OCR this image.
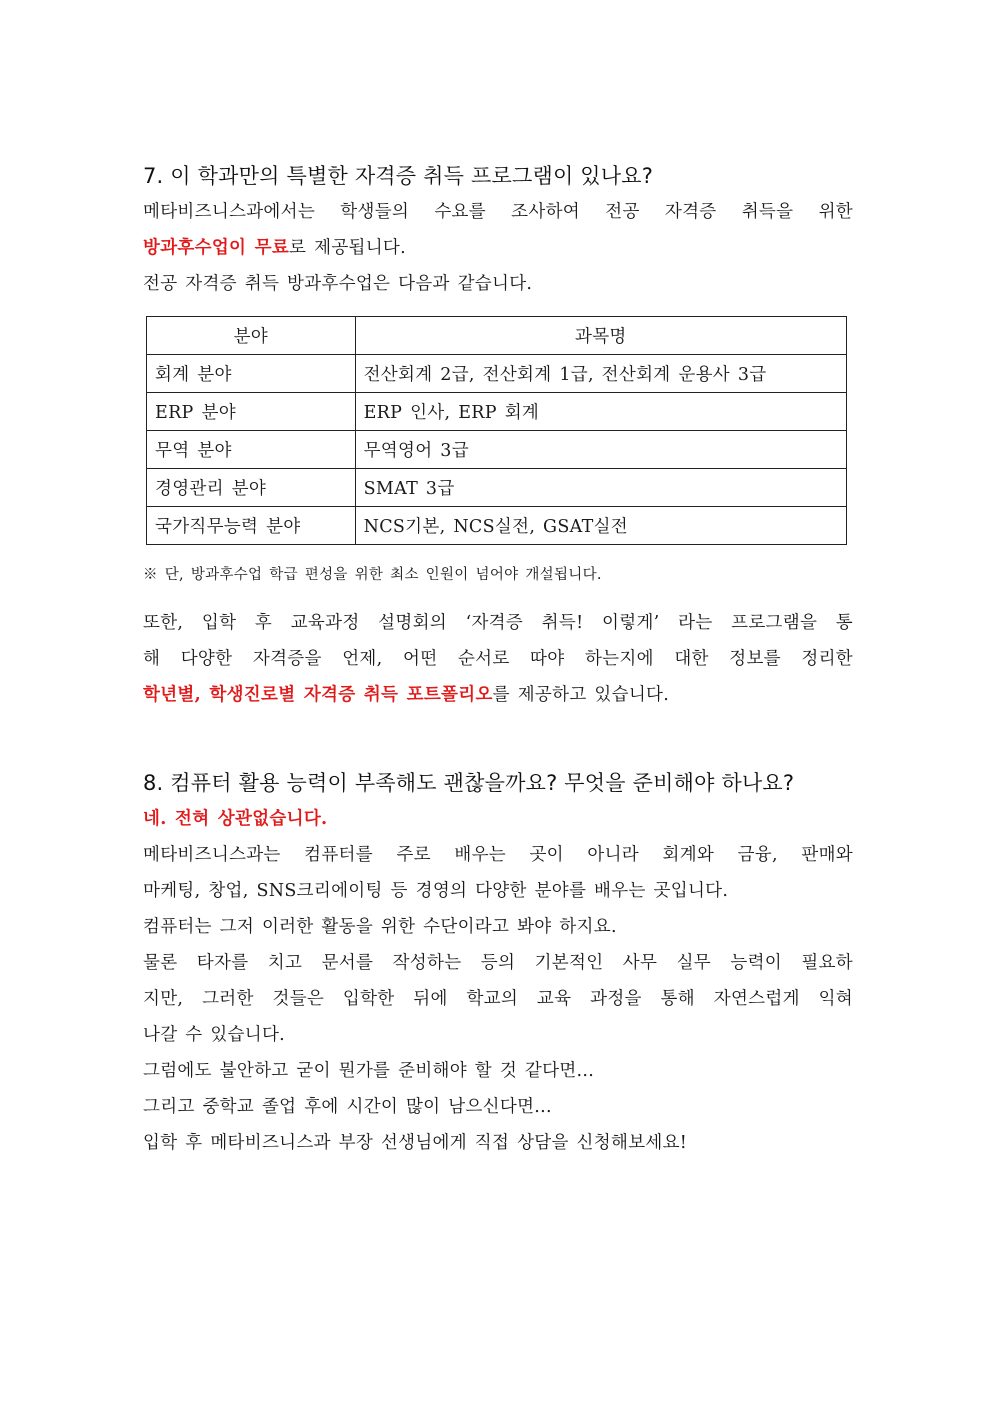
7. 이 학과만의 특별한 자격증 취득 프로그램이 있나요?
메타비즈니스과에서는 학생들의 수요를 조사하여 전공 자격증 취득을 위한
방과후수업이 무료로 제공됩니다.
전공 자격증 취득 방과후수업은 다음과 같습니다.
분야	과목명
회계 분야	전산회계 2급, 전산회계 1급, 전산회계 운용사 3급
ERP 분야	ERP 인사, ERP 회계
무역 분야	무역영어 3급
경영관리 분야	SMAT 3급
국가직무능력 분야	NCS기본, NCS실전, GSAT실전
※ 단, 방과후수업 학급 편성을 위한 최소 인원이 넘어야 개설됩니다.
또한, 입학 후 교육과정 설명회의 ‘자격증 취득! 이렇게’ 라는 프로그램을 통
해 다양한 자격증을 언제, 어떤 순서로 따야 하는지에 대한 정보를 정리한
학년별, 학생진로별 자격증 취득 포트폴리오를 제공하고 있습니다.
8. 컴퓨터 활용 능력이 부족해도 괜찮을까요? 무엇을 준비해야 하나요?
네. 전혀 상관없습니다.
메타비즈니스과는 컴퓨터를 주로 배우는 곳이 아니라 회계와 금융, 판매와
마케팅, 창업, SNS크리에이팅 등 경영의 다양한 분야를 배우는 곳입니다.
컴퓨터는 그저 이러한 활동을 위한 수단이라고 봐야 하지요.
물론 타자를 치고 문서를 작성하는 등의 기본적인 사무 실무 능력이 필요하
지만, 그러한 것들은 입학한 뒤에 학교의 교육 과정을 통해 자연스럽게 익혀
나갈 수 있습니다.
그럼에도 불안하고 굳이 뭔가를 준비해야 할 것 같다면...
그리고 중학교 졸업 후에 시간이 많이 남으신다면...
입학 후 메타비즈니스과 부장 선생님에게 직접 상담을 신청해보세요!
